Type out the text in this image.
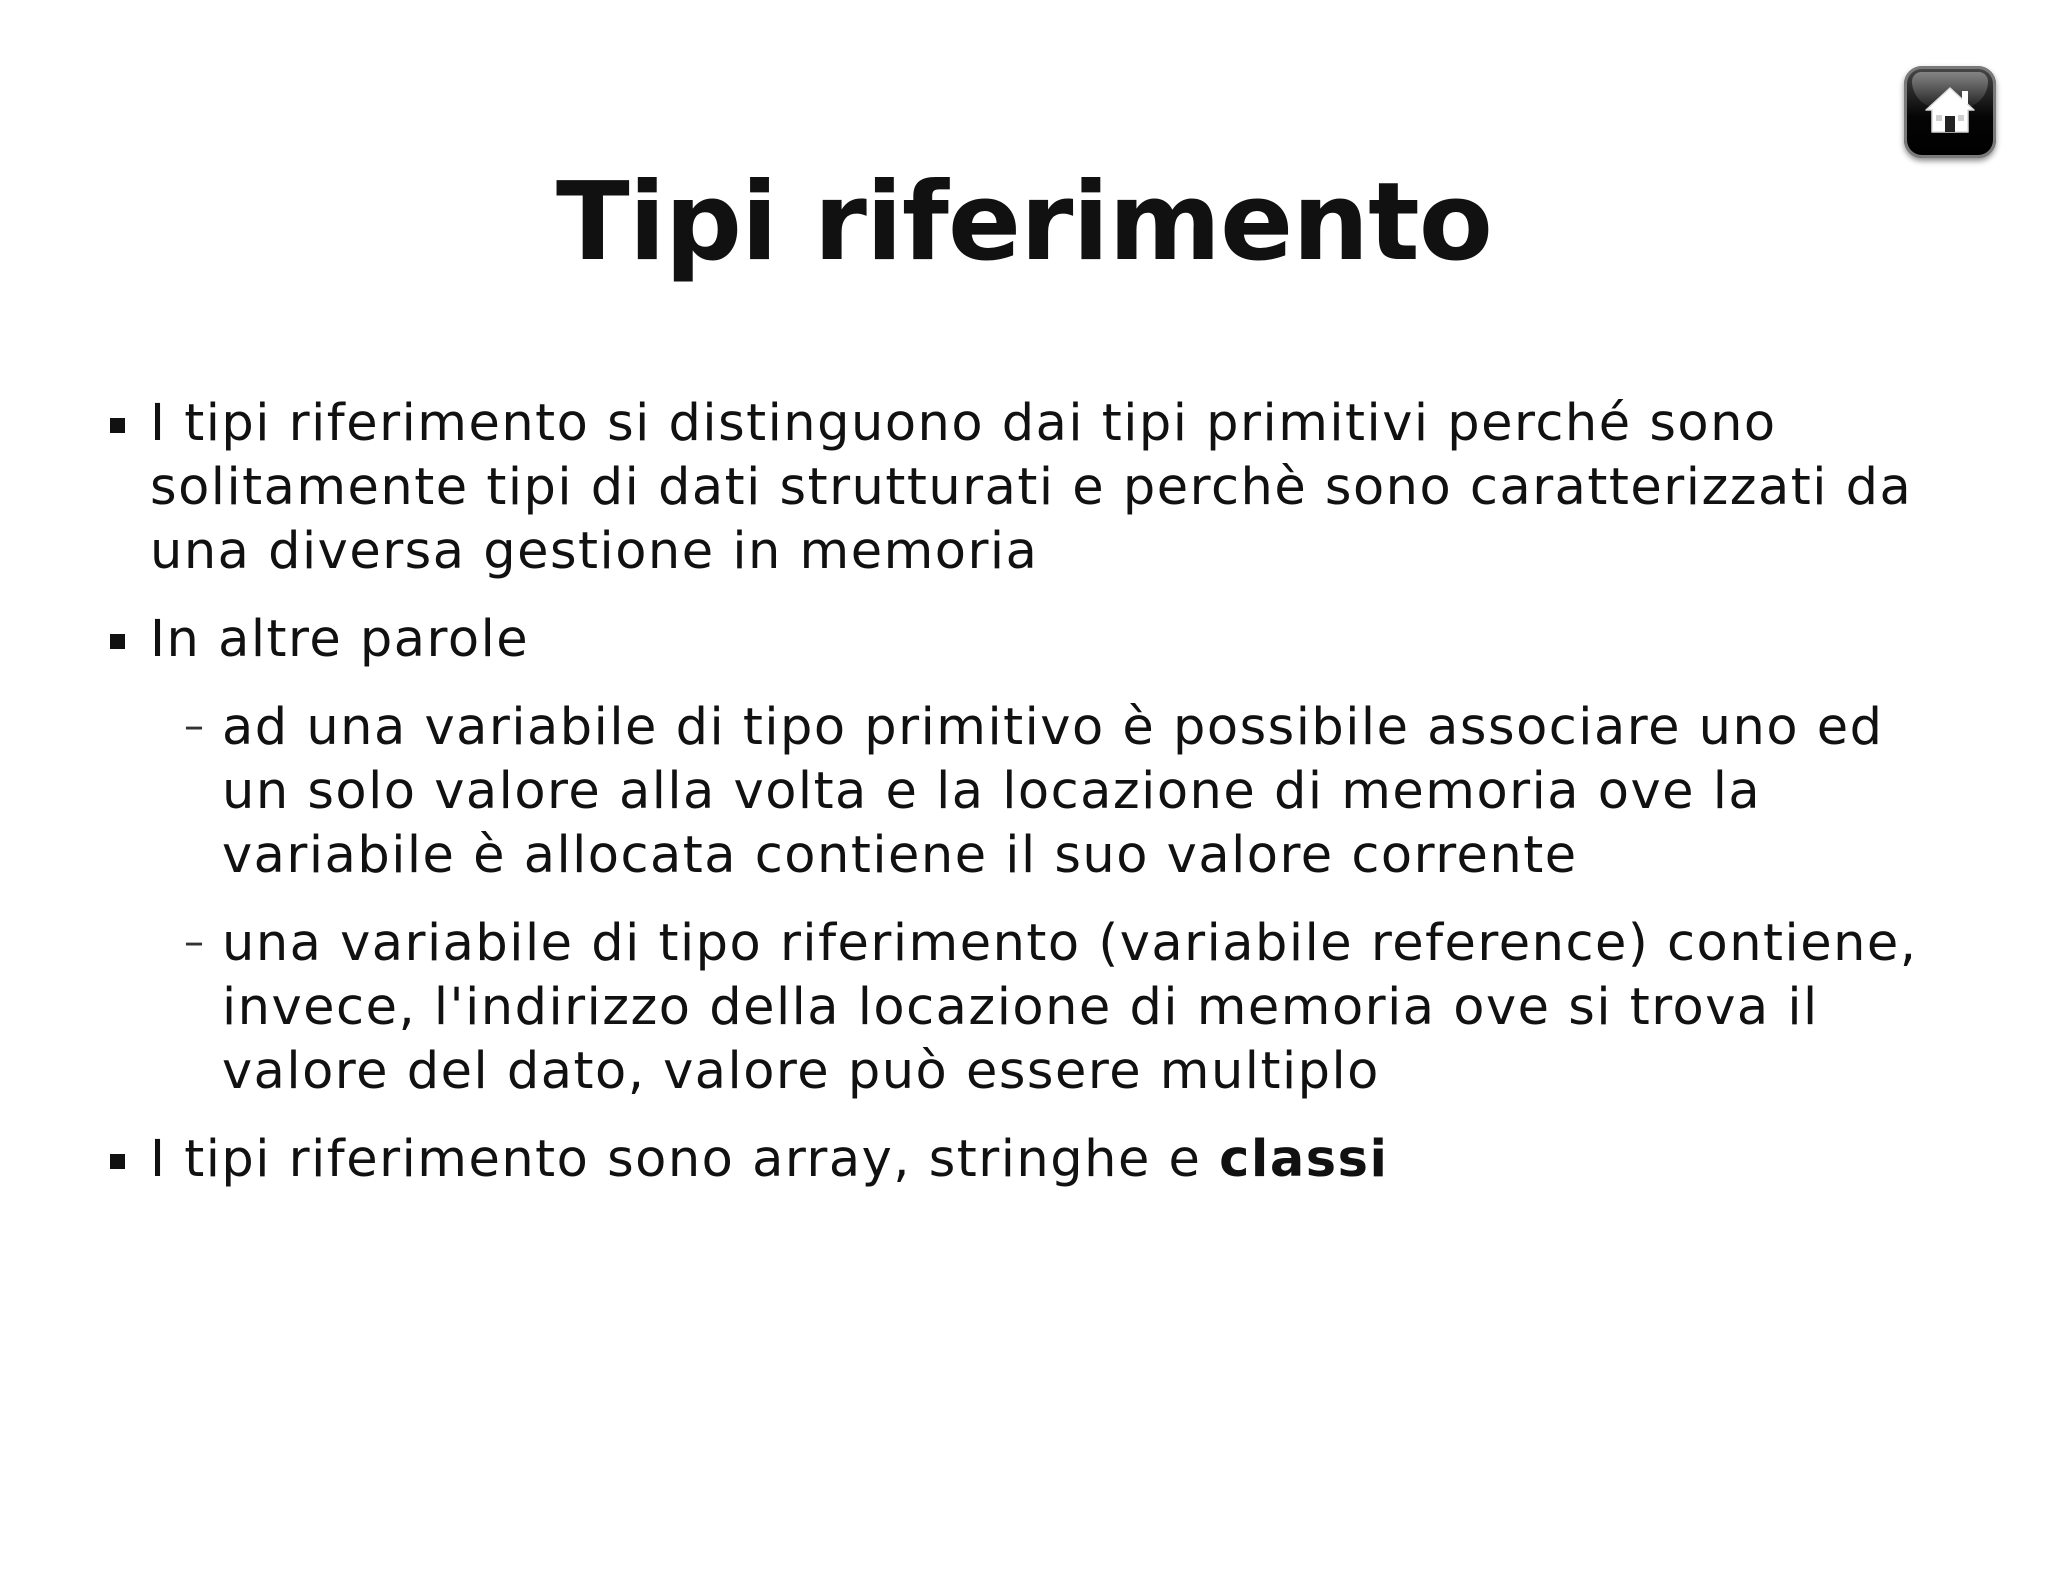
Tipi riferimento
I tipi riferimento si distinguono dai tipi primitivi perché sono solitamente tipi di dati strutturati e perchè sono caratterizzati da una diversa gestione in memoria
In altre parole
– ad una variabile di tipo primitivo è possibile associare uno ed un solo valore alla volta e la locazione di memoria ove la variabile è allocata contiene il suo valore corrente
– una variabile di tipo riferimento (variabile reference) contiene, invece, l'indirizzo della locazione di memoria ove si trova il valore del dato, valore può essere multiplo
I tipi riferimento sono array, stringhe e classi
